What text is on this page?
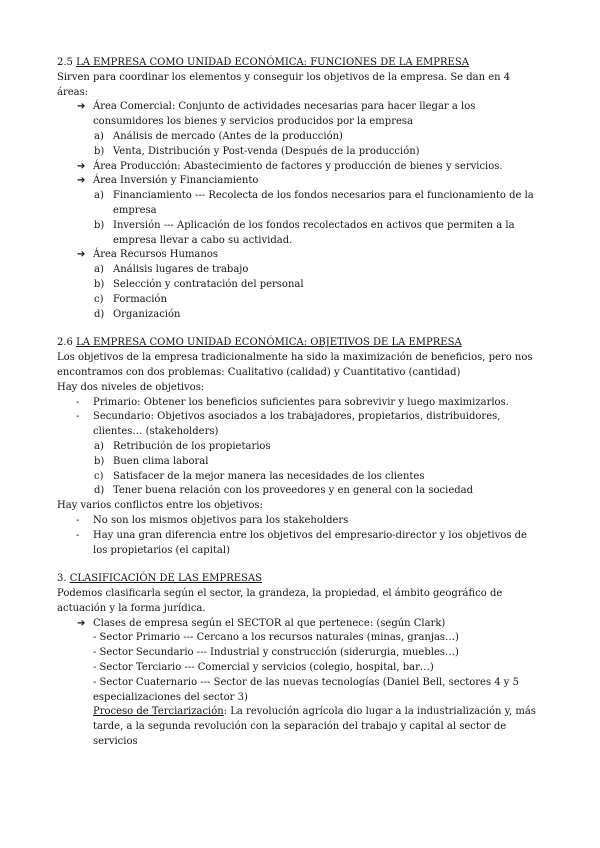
2.5 LA EMPRESA COMO UNIDAD ECONÓMICA: FUNCIONES DE LA EMPRESA
Sirven para coordinar los elementos y conseguir los objetivos de la empresa. Se dan en 4 áreas:
➔ Área Comercial: Conjunto de actividades necesarias para hacer llegar a los consumidores los bienes y servicios producidos por la empresa
a) Análisis de mercado (Antes de la producción)
b) Venta, Distribución y Post-venda (Después de la producción)
➔ Área Producción: Abastecimiento de factores y producción de bienes y servicios.
➔ Área Inversión y Financiamiento
a) Financiamiento --- Recolecta de los fondos necesarios para el funcionamiento de la empresa
b) Inversión --- Aplicación de los fondos recolectados en activos que permiten a la empresa llevar a cabo su actividad.
➔ Área Recursos Humanos
a) Análisis lugares de trabajo
b) Selección y contratación del personal
c) Formación
d) Organización
2.6 LA EMPRESA COMO UNIDAD ECONÓMICA: OBJETIVOS DE LA EMPRESA
Los objetivos de la empresa tradicionalmente ha sido la maximización de beneficios, pero nos encontramos con dos problemas: Cualitativo (calidad) y Cuantitativo (cantidad)
Hay dos niveles de objetivos:
- Primario: Obtener los beneficios suficientes para sobrevivir y luego maximizarlos.
- Secundario: Objetivos asociados a los trabajadores, propietarios, distribuidores, clientes… (stakeholders)
a) Retribución de los propietarios
b) Buen clima laboral
c) Satisfacer de la mejor manera las necesidades de los clientes
d) Tener buena relación con los proveedores y en general con la sociedad
Hay varios conflictos entre los objetivos:
- No son los mismos objetivos para los stakeholders
- Hay una gran diferencia entre los objetivos del empresario-director y los objetivos de los propietarios (el capital)
3. CLASIFICACIÓN DE LAS EMPRESAS
Podemos clasificarla según el sector, la grandeza, la propiedad, el ámbito geográfico de actuación y la forma jurídica.
➔ Clases de empresa según el SECTOR al que pertenece: (según Clark)
- Sector Primario --- Cercano a los recursos naturales (minas, granjas…)
- Sector Secundario --- Industrial y construcción (siderurgia, muebles…)
- Sector Terciario --- Comercial y servicios (colegio, hospital, bar…)
- Sector Cuaternario --- Sector de las nuevas tecnologías (Daniel Bell, sectores 4 y 5 especializaciones del sector 3)
Proceso de Terciarización: La revolución agrícola dio lugar a la industrialización y, más tarde, a la segunda revolución con la separación del trabajo y capital al sector de servicios
